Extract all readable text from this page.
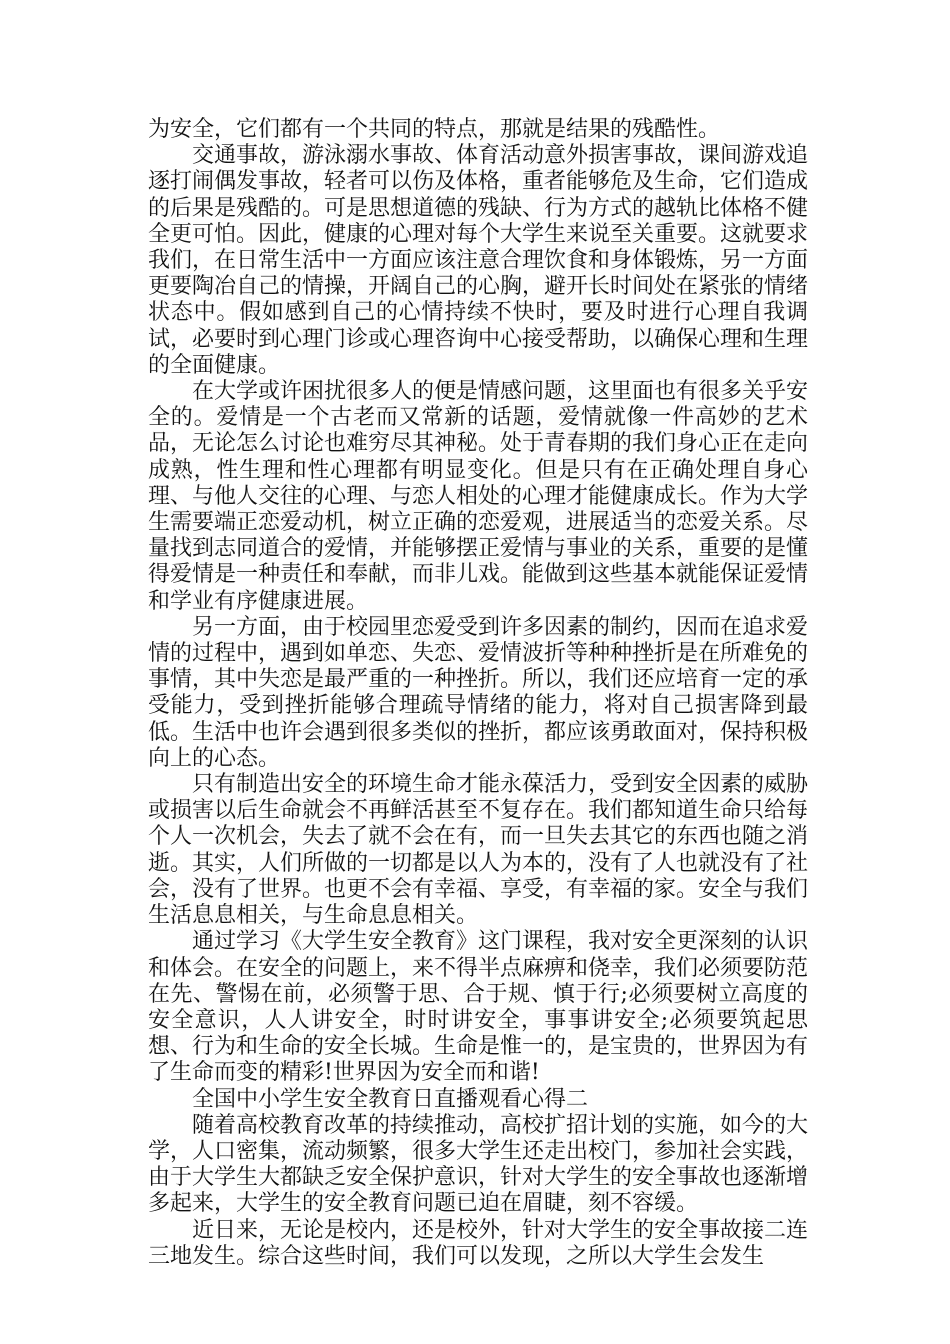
为安全，它们都有一个共同的特点，那就是结果的残酷性。

交通事故，游泳溺水事故、体育活动意外损害事故，课间游戏追逐打闹偶发事故，轻者可以伤及体格，重者能够危及生命，它们造成的后果是残酷的。可是思想道德的残缺、行为方式的越轨比体格不健全更可怕。因此，健康的心理对每个大学生来说至关重要。这就要求我们，在日常生活中一方面应该注意合理饮食和身体锻炼，另一方面更要陶冶自己的情操，开阔自己的心胸，避开长时间处在紧张的情绪状态中。假如感到自己的心情持续不快时，要及时进行心理自我调试，必要时到心理门诊或心理咨询中心接受帮助，以确保心理和生理的全面健康。

在大学或许困扰很多人的便是情感问题，这里面也有很多关乎安全的。爱情是一个古老而又常新的话题，爱情就像一件高妙的艺术品，无论怎么讨论也难穷尽其神秘。处于青春期的我们身心正在走向成熟，性生理和性心理都有明显变化。但是只有在正确处理自身心理、与他人交往的心理、与恋人相处的心理才能健康成长。作为大学生需要端正恋爱动机，树立正确的恋爱观，进展适当的恋爱关系。尽量找到志同道合的爱情，并能够摆正爱情与事业的关系，重要的是懂得爱情是一种责任和奉献，而非儿戏。能做到这些基本就能保证爱情和学业有序健康进展。

另一方面，由于校园里恋爱受到许多因素的制约，因而在追求爱情的过程中，遇到如单恋、失恋、爱情波折等种种挫折是在所难免的事情，其中失恋是最严重的一种挫折。所以，我们还应培育一定的承受能力，受到挫折能够合理疏导情绪的能力，将对自己损害降到最低。生活中也许会遇到很多类似的挫折，都应该勇敢面对，保持积极向上的心态。

只有制造出安全的环境生命才能永葆活力，受到安全因素的威胁或损害以后生命就会不再鲜活甚至不复存在。我们都知道生命只给每个人一次机会，失去了就不会在有，而一旦失去其它的东西也随之消逝。其实，人们所做的一切都是以人为本的，没有了人也就没有了社会，没有了世界。也更不会有幸福、享受，有幸福的家。安全与我们生活息息相关，与生命息息相关。

通过学习《大学生安全教育》这门课程，我对安全更深刻的认识和体会。在安全的问题上，来不得半点麻痹和侥幸，我们必须要防范在先、警惕在前，必须警于思、合于规、慎于行;必须要树立高度的安全意识，人人讲安全，时时讲安全，事事讲安全;必须要筑起思想、行为和生命的安全长城。生命是惟一的，是宝贵的，世界因为有了生命而变的精彩!世界因为安全而和谐!

全国中小学生安全教育日直播观看心得二

随着高校教育改革的持续推动，高校扩招计划的实施，如今的大学，人口密集，流动频繁，很多大学生还走出校门，参加社会实践，由于大学生大都缺乏安全保护意识，针对大学生的安全事故也逐渐增多起来，大学生的安全教育问题已迫在眉睫，刻不容缓。

近日来，无论是校内，还是校外，针对大学生的安全事故接二连三地发生。综合这些时间，我们可以发现，之所以大学生会发生
